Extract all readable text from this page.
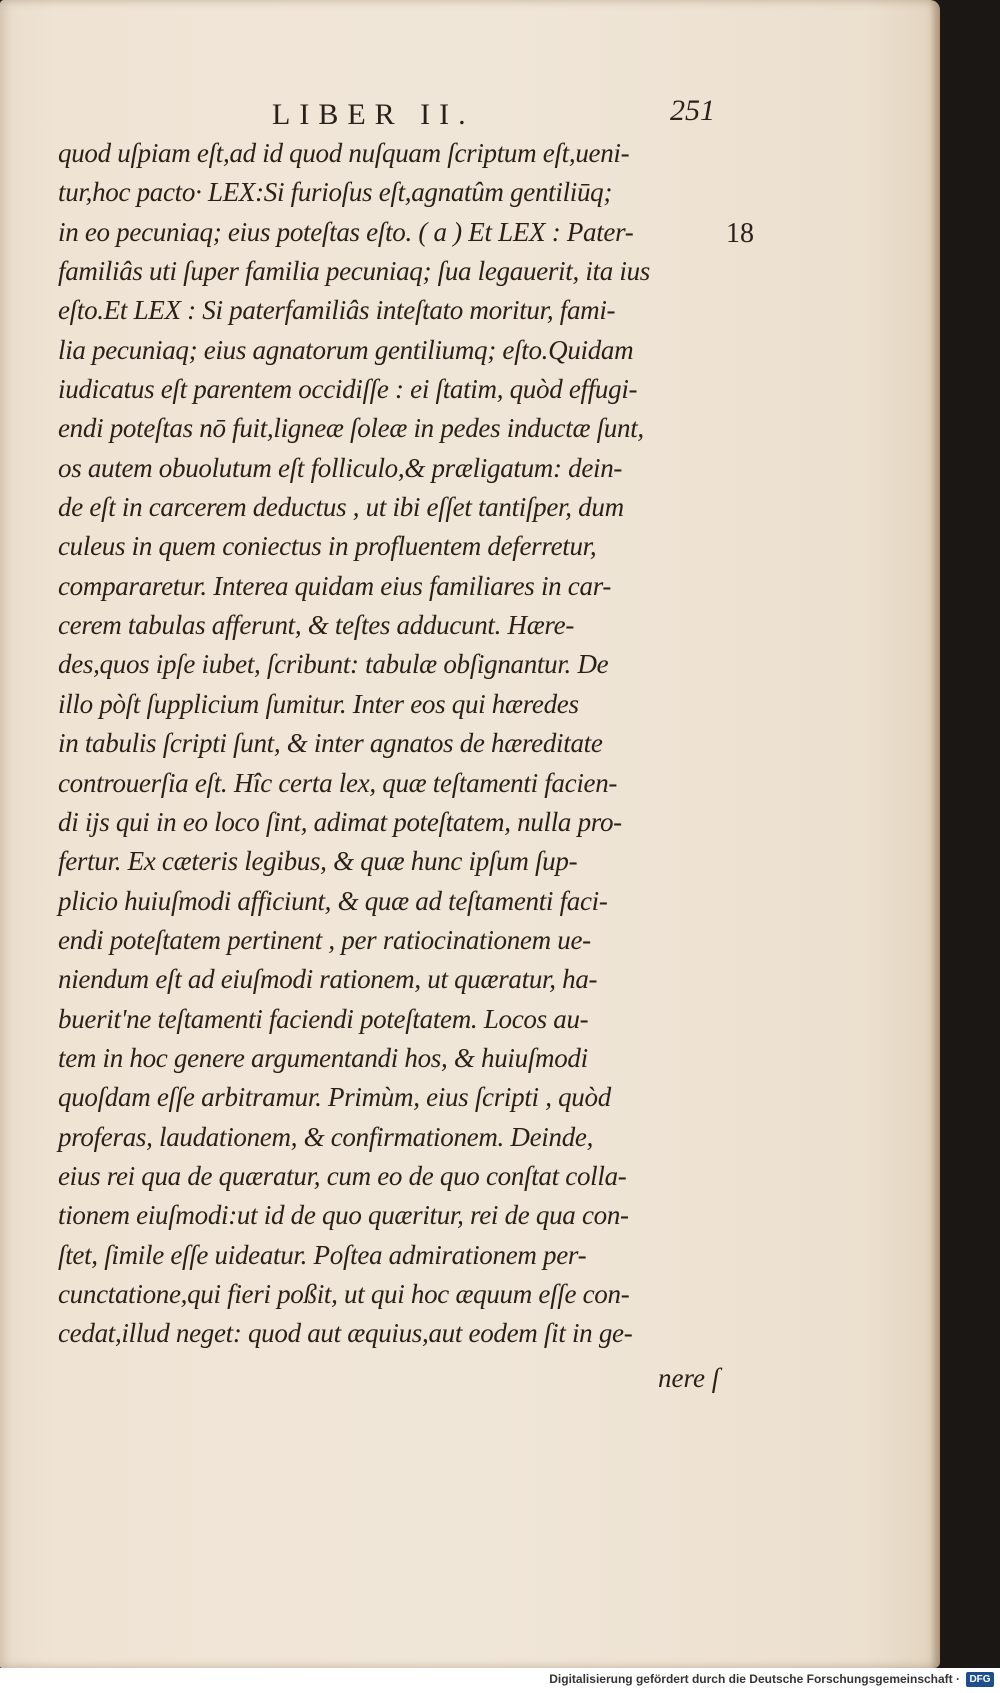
LIBER II.	251
18
quod uſpiam eſt,ad id quod nuſquam ſcriptum eſt,ueni-
tur,hoc pacto· LEX:Si furioſus eſt,agnatûm gentiliūq;
in eo pecuniaq; eius poteſtas eſto. ( a ) Et LEX : Pater-
familiâs uti ſuper familia pecuniaq; ſua legauerit, ita ius
eſto.Et LEX : Si paterfamiliâs inteſtato moritur, fami-
lia pecuniaq; eius agnatorum gentiliumq; eſto.Quidam
iudicatus eſt parentem occidiſſe : ei ſtatim, quòd effugi-
endi poteſtas nō fuit,ligneæ ſoleæ in pedes inductæ ſunt,
os autem obuolutum eſt folliculo,& præligatum: dein-
de eſt in carcerem deductus , ut ibi eſſet tantiſper, dum
culeus in quem coniectus in profluentem deferretur,
compararetur. Interea quidam eius familiares in car-
cerem tabulas afferunt, & teſtes adducunt. Hære-
des,quos ipſe iubet, ſcribunt: tabulæ obſignantur. De
illo pòſt ſupplicium ſumitur. Inter eos qui hæredes
in tabulis ſcripti ſunt, & inter agnatos de hæreditate
controuerſia eſt. Hîc certa lex, quæ teſtamenti facien-
di ijs qui in eo loco ſint, adimat poteſtatem, nulla pro-
fertur. Ex cæteris legibus, & quæ hunc ipſum ſup-
plicio huiuſmodi afficiunt, & quæ ad teſtamenti faci-
endi poteſtatem pertinent , per ratiocinationem ue-
niendum eſt ad eiuſmodi rationem, ut quæratur, ha-
buerit'ne teſtamenti faciendi poteſtatem. Locos au-
tem in hoc genere argumentandi hos, & huiuſmodi
quoſdam eſſe arbitramur. Primùm, eius ſcripti , quòd
proferas, laudationem, & confirmationem. Deinde,
eius rei qua de quæratur, cum eo de quo conſtat colla-
tionem eiuſmodi:ut id de quo quæritur, rei de qua con-
ſtet, ſimile eſſe uideatur. Poſtea admirationem per-
cunctatione,qui fieri poßit, ut qui hoc æquum eſſe con-
cedat,illud neget: quod aut æquius,aut eodem ſit in ge-
nere ſ
Digitalisierung gefördert durch die Deutsche Forschungsgemeinschaft · DFG
